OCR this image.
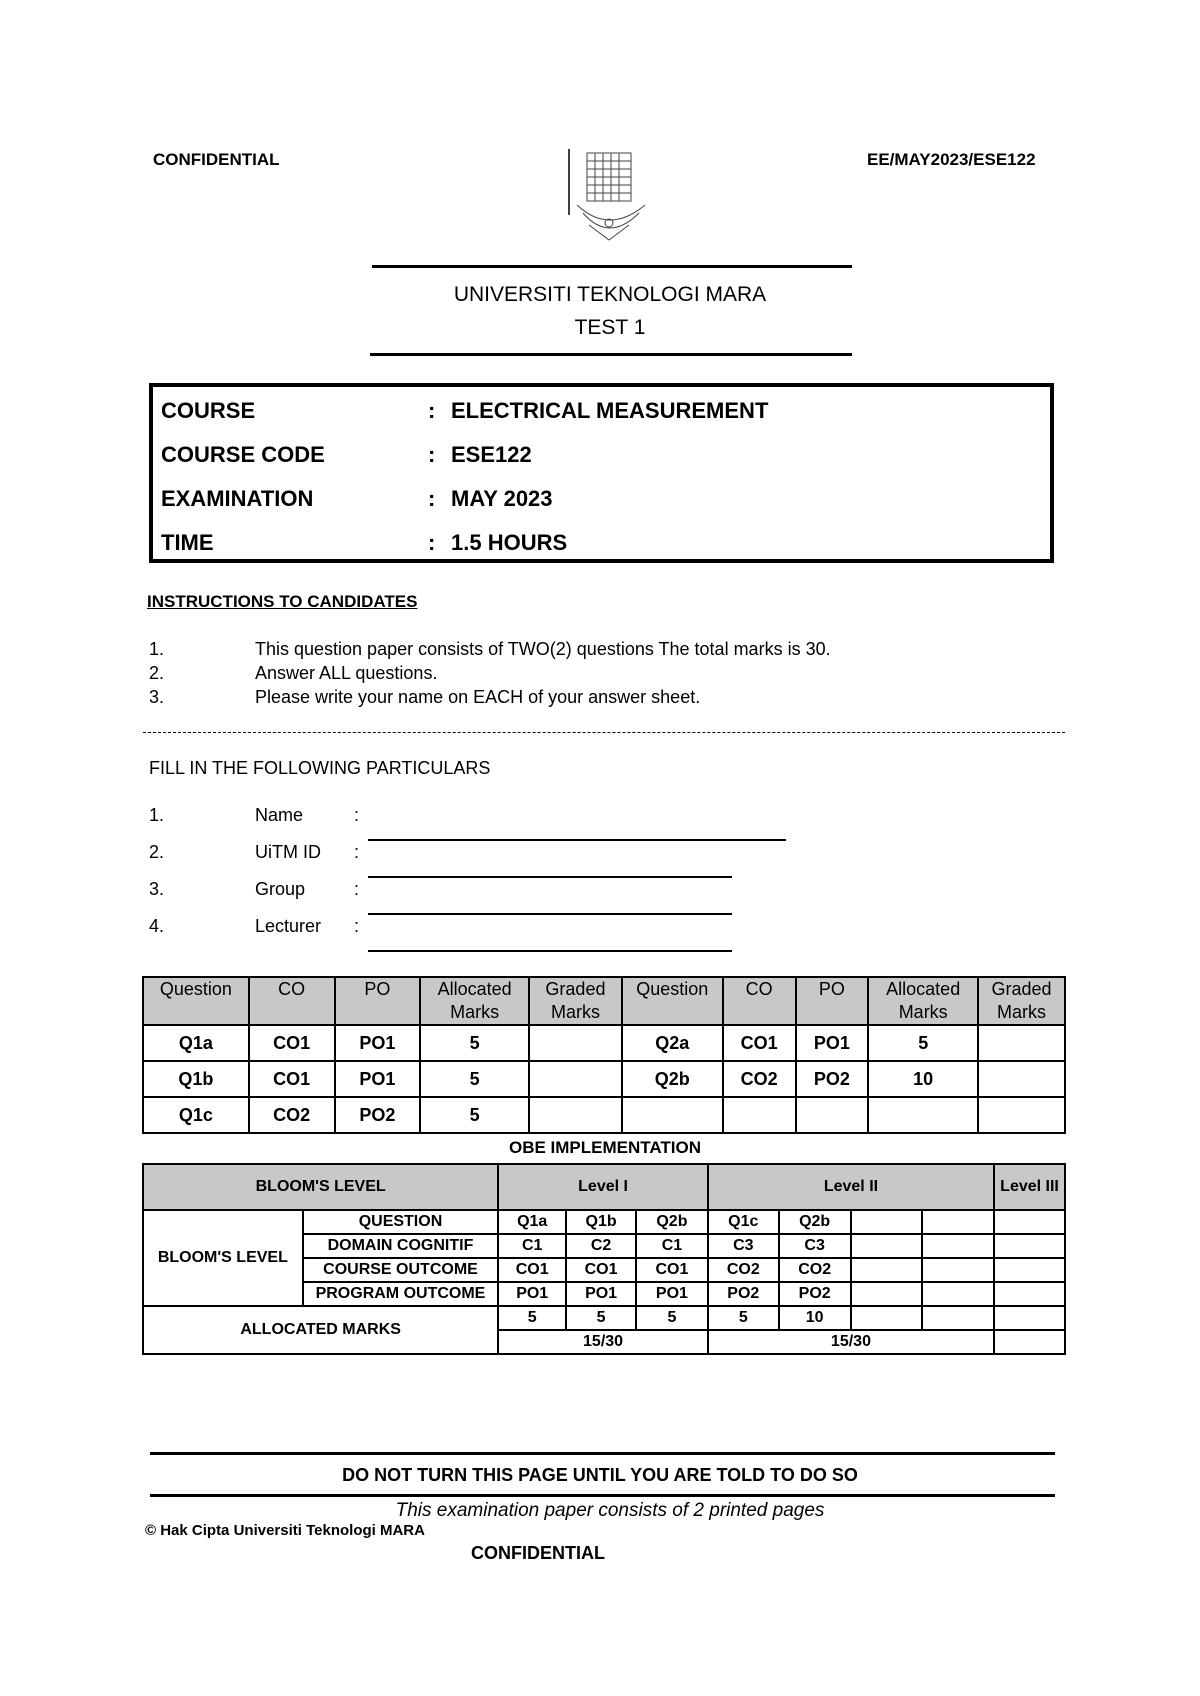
CONFIDENTIAL	EE/MAY2023/ESE122
UNIVERSITI TEKNOLOGI MARA
TEST 1
COURSE	: ELECTRICAL MEASUREMENT
COURSE CODE	: ESE122
EXAMINATION	: MAY 2023
TIME	: 1.5 HOURS
INSTRUCTIONS TO CANDIDATES
1.	This question paper consists of TWO(2) questions The total marks is 30.
2.	Answer ALL questions.
3.	Please write your name on EACH of your answer sheet.
FILL IN THE FOLLOWING PARTICULARS
1.	Name	:
2.	UiTM ID :
3.	Group	:
4.	Lecturer :
Question	CO	PO	Allocated Marks	Graded Marks	Question	CO	PO	Allocated Marks	Graded Marks
Q1a	CO1	PO1	5		Q2a	CO1	PO1	5	
Q1b	CO1	PO1	5		Q2b	CO2	PO2	10	
Q1c	CO2	PO2	5						
OBE IMPLEMENTATION
BLOOM'S LEVEL		Level I			Level II				Level III
BLOOM'S LEVEL	QUESTION	Q1a	Q1b	Q2b	Q1c	Q2b			
	DOMAIN COGNITIF	C1	C2	C1	C3	C3			
	COURSE OUTCOME	CO1	CO1	CO1	CO2	CO2			
	PROGRAM OUTCOME	PO1	PO1	PO1	PO2	PO2			
ALLOCATED MARKS		5	5	5	5	10			
		15/30			15/30				
DO NOT TURN THIS PAGE UNTIL YOU ARE TOLD TO DO SO
This examination paper consists of 2 printed pages
© Hak Cipta Universiti Teknologi MARA
CONFIDENTIAL
